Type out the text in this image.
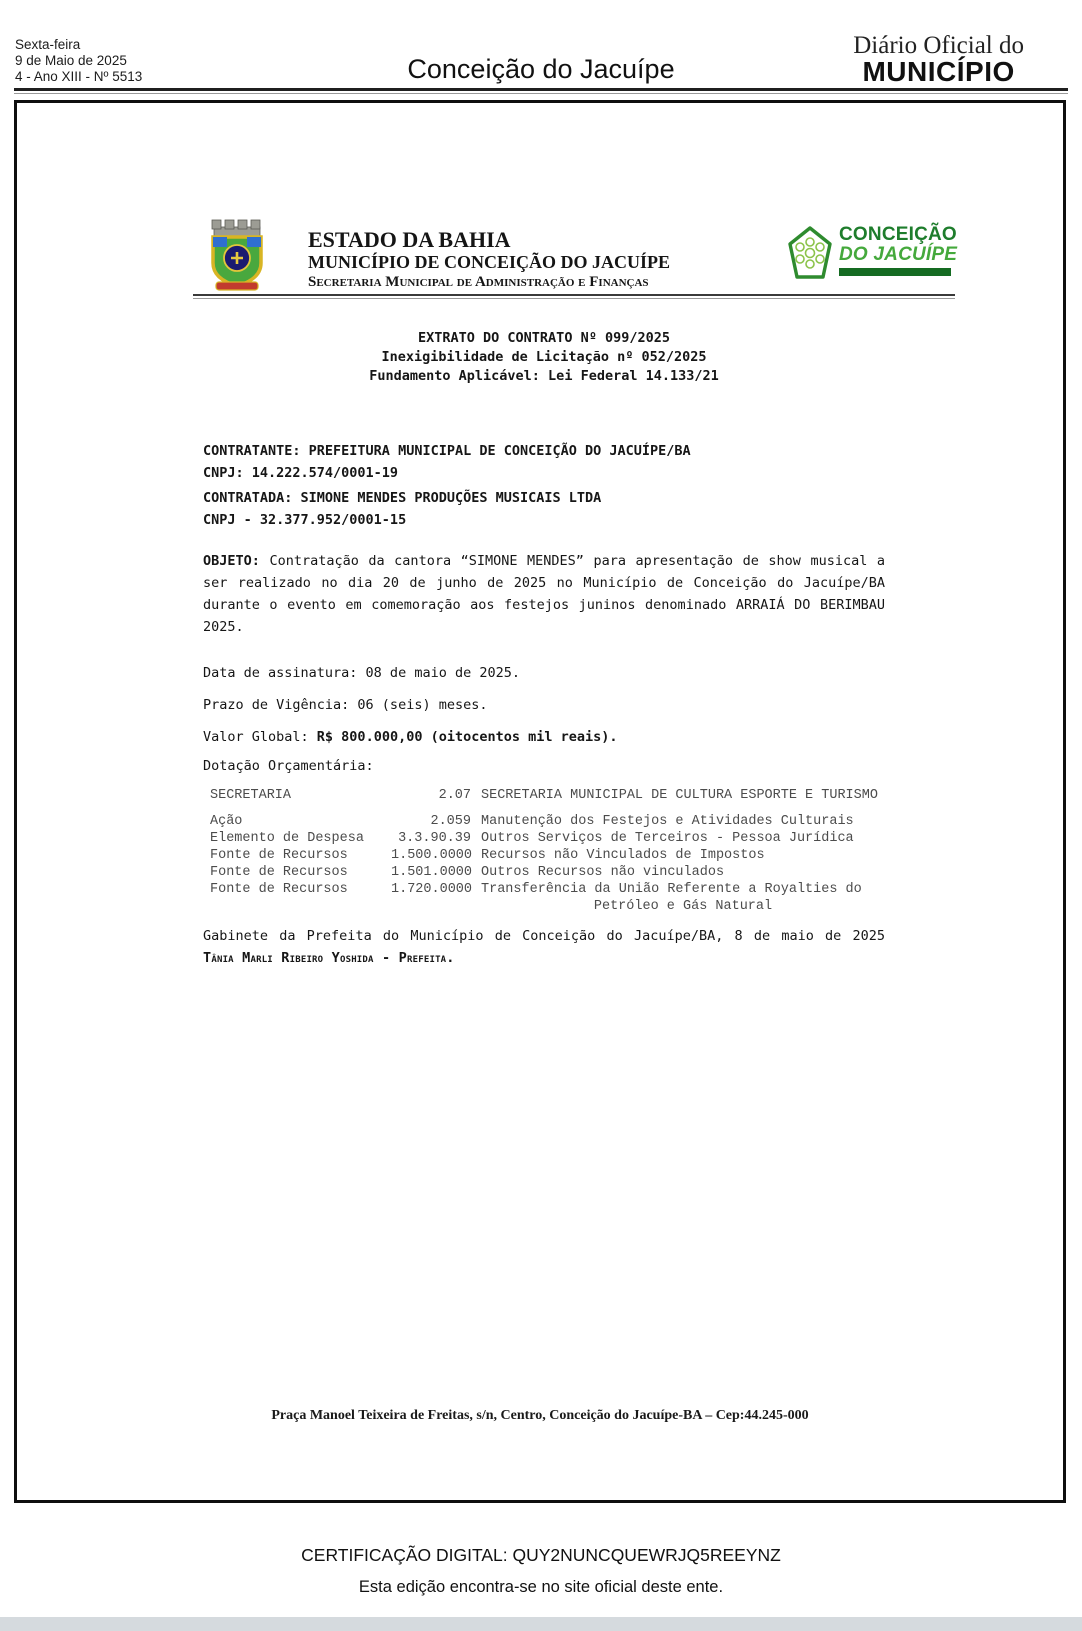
Sexta-feira
9 de Maio de 2025
4 - Ano XIII - Nº 5513	Conceição do Jacuípe
Diário Oficial do
MUNICÍPIO
ESTADO DA BAHIA
MUNICÍPIO DE CONCEIÇÃO DO JACUÍPE
Secretaria Municipal de Administração e Finanças
CONCEIÇÃO
DO JACUÍPE
EXTRATO DO CONTRATO Nº 099/2025
Inexigibilidade de Licitação nº 052/2025
Fundamento Aplicável: Lei Federal 14.133/21
CONTRATANTE: PREFEITURA MUNICIPAL DE CONCEIÇÃO DO JACUÍPE/BA
CNPJ: 14.222.574/0001-19
CONTRATADA: SIMONE MENDES PRODUÇÕES MUSICAIS LTDA
CNPJ - 32.377.952/0001-15
OBJETO: Contratação da cantora “SIMONE MENDES” para apresentação de show musical a ser realizado no dia 20 de junho de 2025 no Município de Conceição do Jacuípe/BA durante o evento em comemoração aos festejos juninos denominado ARRAIÁ DO BERIMBAU 2025.
Data de assinatura: 08 de maio de 2025.
Prazo de Vigência: 06 (seis) meses.
Valor Global: R$ 800.000,00 (oitocentos mil reais).
Dotação Orçamentária:
SECRETARIA	2.07 SECRETARIA MUNICIPAL DE CULTURA ESPORTE E TURISMO
Ação	2.059 Manutenção dos Festejos e Atividades Culturais
Elemento de Despesa	3.3.90.39 Outros Serviços de Terceiros - Pessoa Jurídica
Fonte de Recursos	1.500.0000 Recursos não Vinculados de Impostos
Fonte de Recursos	1.501.0000 Outros Recursos não vinculados
Fonte de Recursos	1.720.0000 Transferência da União Referente a Royalties do
Petróleo e Gás Natural
Gabinete da Prefeita do Município de Conceição do Jacuípe/BA, 8 de maio de 2025
Tânia Marli Ribeiro Yoshida - Prefeita.
Praça Manoel Teixeira de Freitas, s/n, Centro, Conceição do Jacuípe-BA – Cep:44.245-000
CERTIFICAÇÃO DIGITAL: QUY2NUNCQUEWRJQ5REEYNZ
Esta edição encontra-se no site oficial deste ente.
